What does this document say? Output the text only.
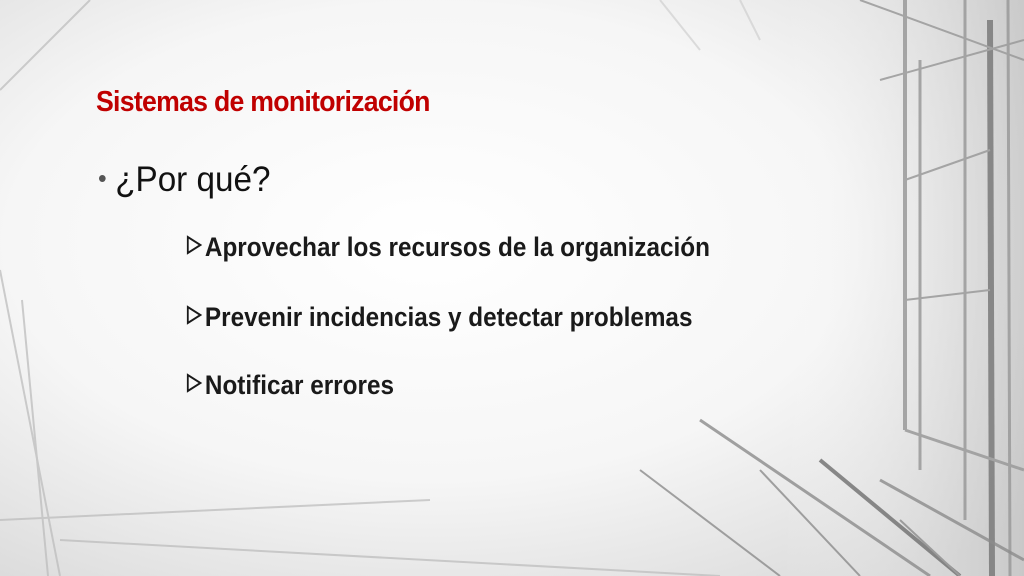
Sistemas de monitorización
• ¿Por qué?
Aprovechar los recursos de la organización
Prevenir incidencias y detectar problemas
Notificar errores
